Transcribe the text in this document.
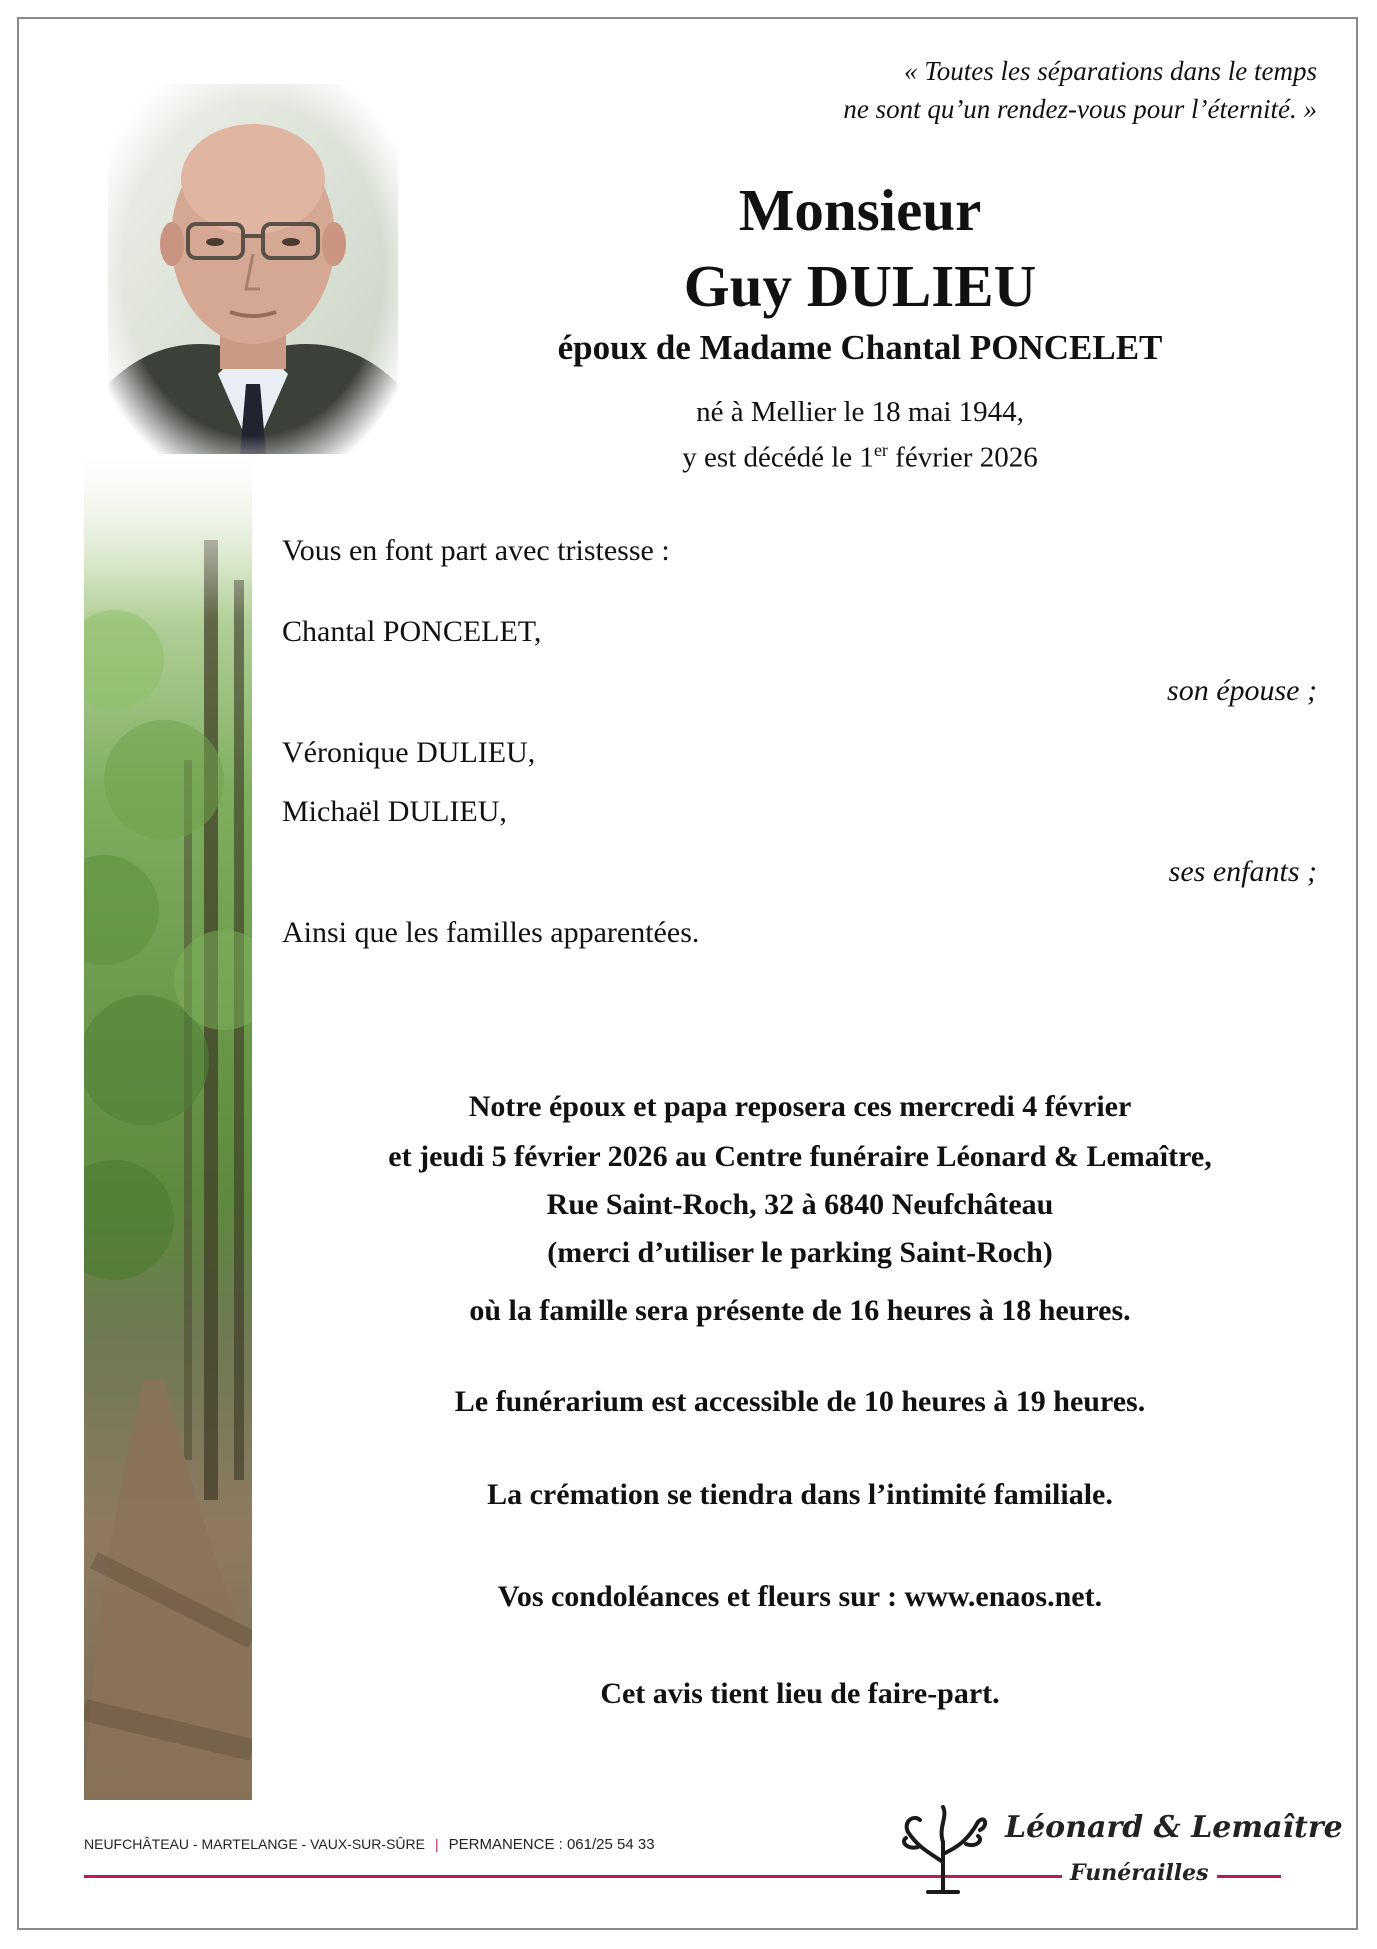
« Toutes les séparations dans le temps
ne sont qu’un rendez-vous pour l’éternité. »
Monsieur
Guy DULIEU
époux de Madame Chantal PONCELET
né à Mellier le 18 mai 1944,
y est décédé le 1er février 2026
Vous en font part avec tristesse :
Chantal PONCELET,
son épouse ;
Véronique DULIEU,
Michaël DULIEU,
ses enfants ;
Ainsi que les familles apparentées.
Notre époux et papa reposera ces mercredi 4 février
et jeudi 5 février 2026 au Centre funéraire Léonard & Lemaître,
Rue Saint-Roch, 32 à 6840 Neufchâteau
(merci d’utiliser le parking Saint-Roch)
où la famille sera présente de 16 heures à 18 heures.
Le funérarium est accessible de 10 heures à 19 heures.
La crémation se tiendra dans l’intimité familiale.
Vos condoléances et fleurs sur : www.enaos.net.
Cet avis tient lieu de faire-part.
NEUFCHÂTEAU - MARTELANGE - VAUX-SUR-SÛRE | PERMANENCE : 061/25 54 33	Léonard & Lemaître
Funérailles
